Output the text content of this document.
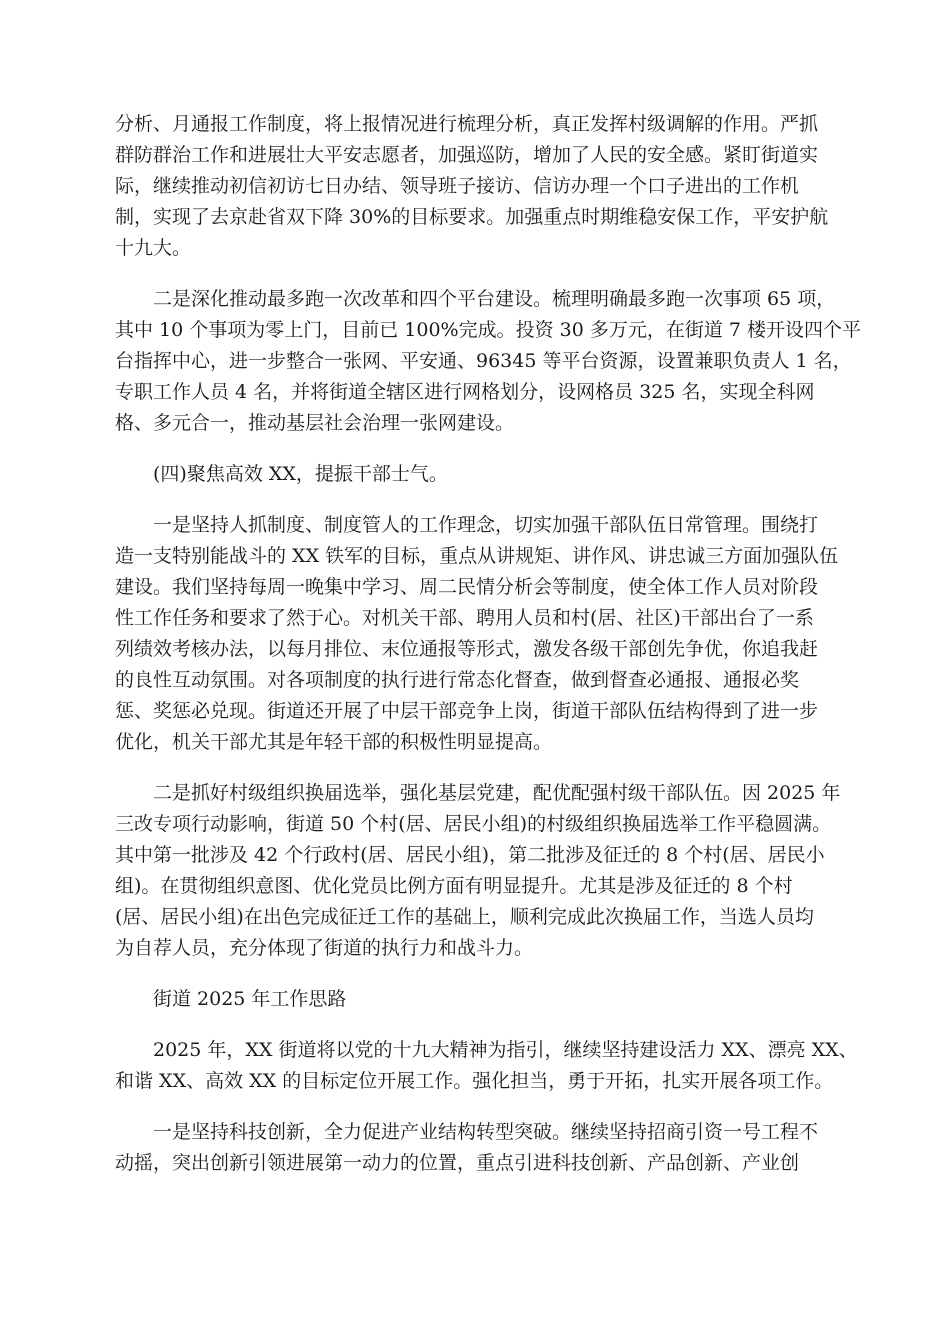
分析、月通报工作制度，将上报情况进行梳理分析，真正发挥村级调解的作用。严抓
群防群治工作和进展壮大平安志愿者，加强巡防，增加了人民的安全感。紧盯街道实
际，继续推动初信初访七日办结、领导班子接访、信访办理一个口子进出的工作机
制，实现了去京赴省双下降 30%的目标要求。加强重点时期维稳安保工作，平安护航
十九大。
二是深化推动最多跑一次改革和四个平台建设。梳理明确最多跑一次事项 65 项，
其中 10 个事项为零上门，目前已 100%完成。投资 30 多万元，在街道 7 楼开设四个平
台指挥中心，进一步整合一张网、平安通、96345 等平台资源，设置兼职负责人 1 名，
专职工作人员 4 名，并将街道全辖区进行网格划分，设网格员 325 名，实现全科网
格、多元合一，推动基层社会治理一张网建设。
(四)聚焦高效 XX，提振干部士气。
一是坚持人抓制度、制度管人的工作理念，切实加强干部队伍日常管理。围绕打
造一支特别能战斗的 XX 铁军的目标，重点从讲规矩、讲作风、讲忠诚三方面加强队伍
建设。我们坚持每周一晚集中学习、周二民情分析会等制度，使全体工作人员对阶段
性工作任务和要求了然于心。对机关干部、聘用人员和村(居、社区)干部出台了一系
列绩效考核办法，以每月排位、末位通报等形式，激发各级干部创先争优，你追我赶
的良性互动氛围。对各项制度的执行进行常态化督查，做到督查必通报、通报必奖
惩、奖惩必兑现。街道还开展了中层干部竞争上岗，街道干部队伍结构得到了进一步
优化，机关干部尤其是年轻干部的积极性明显提高。
二是抓好村级组织换届选举，强化基层党建，配优配强村级干部队伍。因 2025 年
三改专项行动影响，街道 50 个村(居、居民小组)的村级组织换届选举工作平稳圆满。
其中第一批涉及 42 个行政村(居、居民小组)，第二批涉及征迁的 8 个村(居、居民小
组)。在贯彻组织意图、优化党员比例方面有明显提升。尤其是涉及征迁的 8 个村
(居、居民小组)在出色完成征迁工作的基础上，顺利完成此次换届工作，当选人员均
为自荐人员，充分体现了街道的执行力和战斗力。
街道 2025 年工作思路
2025 年，XX 街道将以党的十九大精神为指引，继续坚持建设活力 XX、漂亮 XX、
和谐 XX、高效 XX 的目标定位开展工作。强化担当，勇于开拓，扎实开展各项工作。
一是坚持科技创新，全力促进产业结构转型突破。继续坚持招商引资一号工程不
动摇，突出创新引领进展第一动力的位置，重点引进科技创新、产品创新、产业创
